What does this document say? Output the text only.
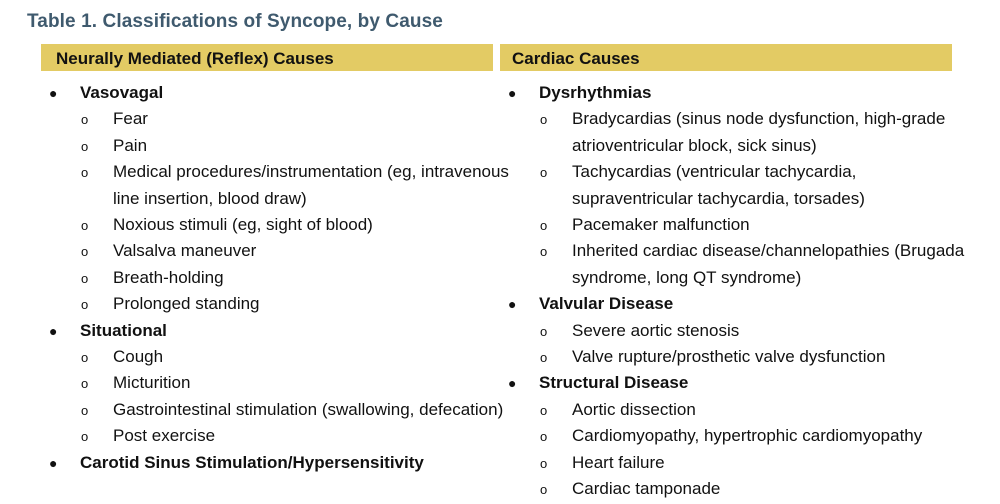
Table 1. Classifications of Syncope, by Cause
Neurally Mediated (Reflex) Causes	Cardiac Causes
● Vasovagal
o Fear
o Pain
o Medical procedures/instrumentation (eg, intravenous line insertion, blood draw)
o Noxious stimuli (eg, sight of blood)
o Valsalva maneuver
o Breath-holding
o Prolonged standing
● Situational
o Cough
o Micturition
o Gastrointestinal stimulation (swallowing, defecation)
o Post exercise
● Carotid Sinus Stimulation/Hypersensitivity
● Dysrhythmias
o Bradycardias (sinus node dysfunction, high-grade atrioventricular block, sick sinus)
o Tachycardias (ventricular tachycardia, supraventricular tachycardia, torsades)
o Pacemaker malfunction
o Inherited cardiac disease/channelopathies (Brugada syndrome, long QT syndrome)
● Valvular Disease
o Severe aortic stenosis
o Valve rupture/prosthetic valve dysfunction
● Structural Disease
o Aortic dissection
o Cardiomyopathy, hypertrophic cardiomyopathy
o Heart failure
o Cardiac tamponade
